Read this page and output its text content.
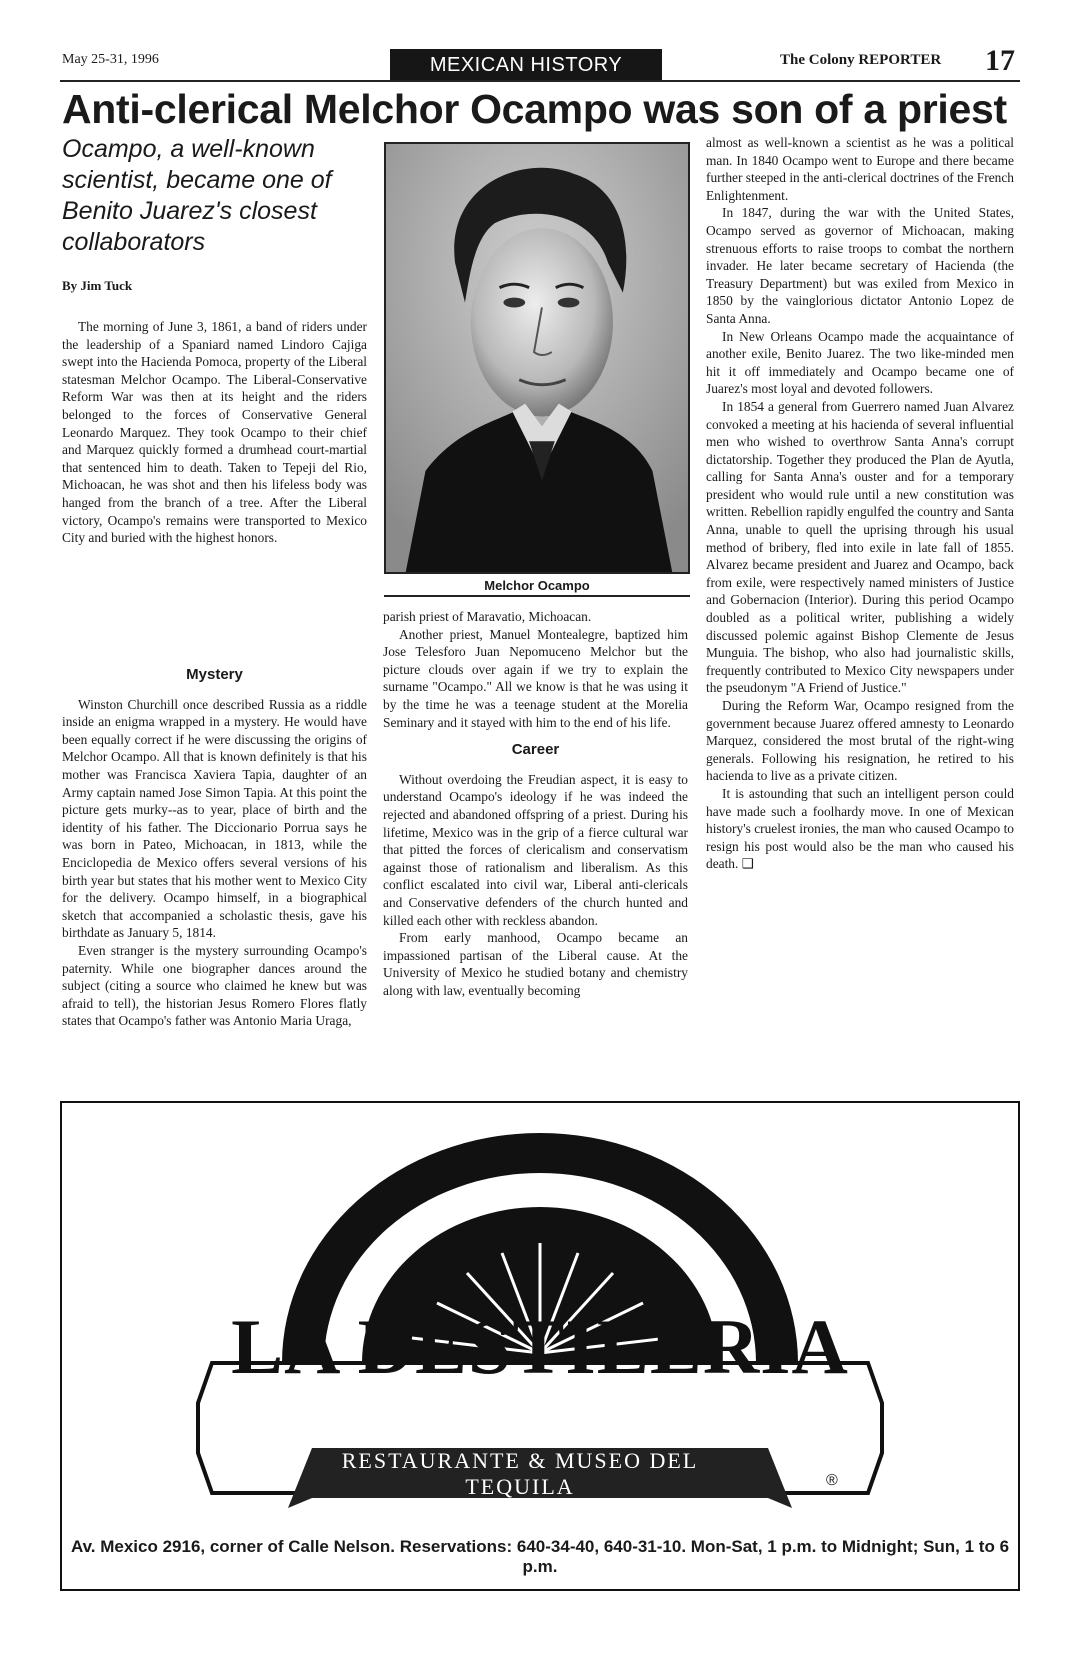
May 25-31, 1996	MEXICAN HISTORY	The Colony REPORTER 17
Anti-clerical Melchor Ocampo was son of a priest
Ocampo, a well-known scientist, became one of Benito Juarez's closest collaborators
By Jim Tuck

The morning of June 3, 1861, a band of riders under the leadership of a Spaniard named Lindoro Cajiga swept into the Hacienda Pomoca, property of the Liberal statesman Melchor Ocampo. The Liberal-Conservative Reform War was then at its height and the riders belonged to the forces of Conservative General Leonardo Marquez. They took Ocampo to their chief and Marquez quickly formed a drumhead court-martial that sentenced him to death. Taken to Tepeji del Rio, Michoacan, he was shot and then his lifeless body was hanged from the branch of a tree. After the Liberal victory, Ocampo's remains were transported to Mexico City and buried with the highest honors.

Mystery

Winston Churchill once described Russia as a riddle inside an enigma wrapped in a mystery. He would have been equally correct if he were discussing the origins of Melchor Ocampo. All that is known definitely is that his mother was Francisca Xaviera Tapia, daughter of an Army captain named Jose Simon Tapia. At this point the picture gets murky--as to year, place of birth and the identity of his father. The Diccionario Porrua says he was born in Pateo, Michoacan, in 1813, while the Enciclopedia de Mexico offers several versions of his birth year but states that his mother went to Mexico City for the delivery. Ocampo himself, in a biographical sketch that accompanied a scholastic thesis, gave his birthdate as January 5, 1814.

Even stranger is the mystery surrounding Ocampo's paternity. While one biographer dances around the subject (citing a source who claimed he knew but was afraid to tell), the historian Jesus Romero Flores flatly states that Ocampo's father was Antonio Maria Uraga,

Melchor Ocampo

parish priest of Maravatio, Michoacan.

Another priest, Manuel Montealegre, baptized him Jose Telesforo Juan Nepomuceno Melchor but the picture clouds over again if we try to explain the surname "Ocampo." All we know is that he was using it by the time he was a teenage student at the Morelia Seminary and it stayed with him to the end of his life.

Career

Without overdoing the Freudian aspect, it is easy to understand Ocampo's ideology if he was indeed the rejected and abandoned offspring of a priest. During his lifetime, Mexico was in the grip of a fierce cultural war that pitted the forces of clericalism and conservatism against those of rationalism and liberalism. As this conflict escalated into civil war, Liberal anti-clericals and Conservative defenders of the church hunted and killed each other with reckless abandon.

From early manhood, Ocampo became an impassioned partisan of the Liberal cause. At the University of Mexico he studied botany and chemistry along with law, eventually becoming

almost as well-known a scientist as he was a political man. In 1840 Ocampo went to Europe and there became further steeped in the anti-clerical doctrines of the French Enlightenment.

In 1847, during the war with the United States, Ocampo served as governor of Michoacan, making strenuous efforts to raise troops to combat the northern invader. He later became secretary of Hacienda (the Treasury Department) but was exiled from Mexico in 1850 by the vainglorious dictator Antonio Lopez de Santa Anna.

In New Orleans Ocampo made the acquaintance of another exile, Benito Juarez. The two like-minded men hit it off immediately and Ocampo became one of Juarez's most loyal and devoted followers.

In 1854 a general from Guerrero named Juan Alvarez convoked a meeting at his hacienda of several influential men who wished to overthrow Santa Anna's corrupt dictatorship. Together they produced the Plan de Ayutla, calling for Santa Anna's ouster and for a temporary president who would rule until a new constitution was written. Rebellion rapidly engulfed the country and Santa Anna, unable to quell the uprising through his usual method of bribery, fled into exile in late fall of 1855. Alvarez became president and Juarez and Ocampo, back from exile, were respectively named ministers of Justice and Gobernacion (Interior). During this period Ocampo doubled as a political writer, publishing a widely discussed polemic against Bishop Clemente de Jesus Munguia. The bishop, who also had journalistic skills, frequently contributed to Mexico City newspapers under the pseudonym "A Friend of Justice."

During the Reform War, Ocampo resigned from the government because Juarez offered amnesty to Leonardo Marquez, considered the most brutal of the right-wing generals. Following his resignation, he retired to his hacienda to live as a private citizen.

It is astounding that such an intelligent person could have made such a foolhardy move. In one of Mexican history's cruelest ironies, the man who caused Ocampo to resign his post would also be the man who caused his death. ❑

LA DESTILERIA
RESTAURANTE & MUSEO DEL TEQUILA	®
Av. Mexico 2916, corner of Calle Nelson. Reservations: 640-34-40, 640-31-10. Mon-Sat, 1 p.m. to Midnight; Sun, 1 to 6 p.m.
